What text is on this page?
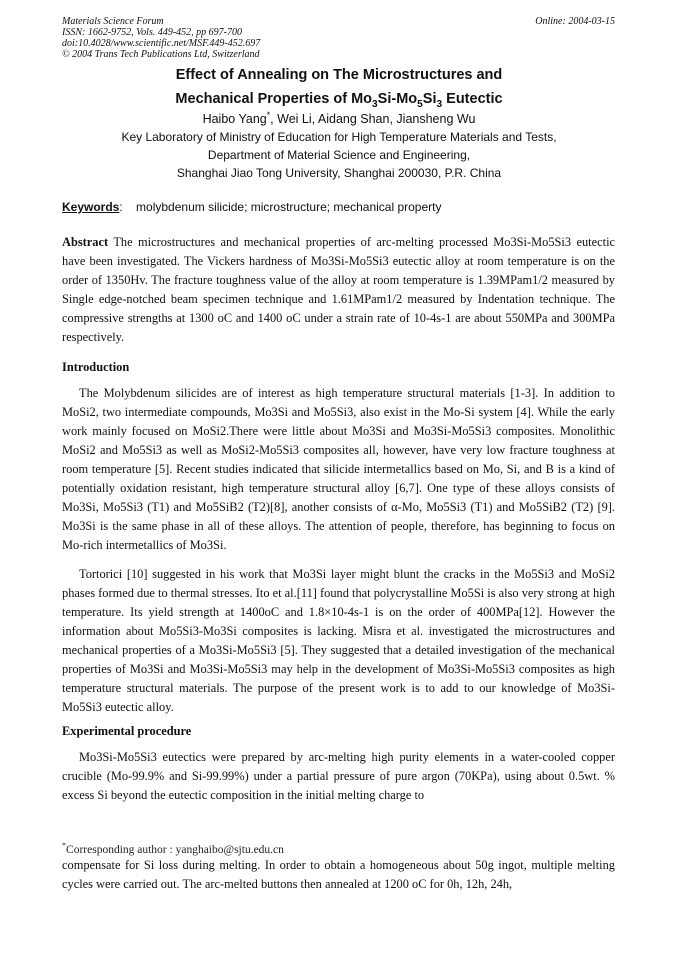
Materials Science Forum
ISSN: 1662-9752, Vols. 449-452, pp 697-700
doi:10.4028/www.scientific.net/MSF.449-452.697
© 2004 Trans Tech Publications Ltd, Switzerland
Online: 2004-03-15
Effect of Annealing on The Microstructures and
Mechanical Properties of $Mo_3Si-Mo_5Si_3$ Eutectic
Haibo Yang*, Wei Li, Aidang Shan, Jiansheng Wu
Key Laboratory of Ministry of Education for High Temperature Materials and Tests,
Department of Material Science and Engineering,
Shanghai Jiao Tong University, Shanghai 200030, P.R. China
Keywords:    molybdenum silicide; microstructure; mechanical property
Abstract The microstructures and mechanical properties of arc-melting processed Mo3Si-Mo5Si3 eutectic have been investigated. The Vickers hardness of Mo3Si-Mo5Si3 eutectic alloy at room temperature is on the order of 1350Hv. The fracture toughness value of the alloy at room temperature is 1.39MPam1/2 measured by Single edge-notched beam specimen technique and 1.61MPam1/2 measured by Indentation technique. The compressive strengths at 1300 oC and 1400 oC under a strain rate of 10-4s-1 are about 550MPa and 300MPa respectively.
Introduction
The Molybdenum silicides are of interest as high temperature structural materials [1-3]. In addition to MoSi2, two intermediate compounds, Mo3Si and Mo5Si3, also exist in the Mo-Si system [4]. While the early work mainly focused on MoSi2.There were little about Mo3Si and Mo3Si-Mo5Si3 composites. Monolithic MoSi2 and Mo5Si3 as well as MoSi2-Mo5Si3 composites all, however, have very low fracture toughness at room temperature [5]. Recent studies indicated that silicide intermetallics based on Mo, Si, and B is a kind of potentially oxidation resistant, high temperature structural alloy [6,7]. One type of these alloys consists of Mo3Si, Mo5Si3 (T1) and Mo5SiB2 (T2)[8], another consists of α-Mo, Mo5Si3 (T1) and Mo5SiB2 (T2) [9]. Mo3Si is the same phase in all of these alloys. The attention of people, therefore, has beginning to focus on Mo-rich intermetallics of Mo3Si.
Tortorici [10] suggested in his work that Mo3Si layer might blunt the cracks in the Mo5Si3 and MoSi2 phases formed due to thermal stresses. Ito et al.[11] found that polycrystalline Mo5Si is also very strong at high temperature. Its yield strength at 1400oC and 1.8×10-4s-1 is on the order of 400MPa[12]. However the information about Mo5Si3-Mo3Si composites is lacking. Misra et al. investigated the microstructures and mechanical properties of a Mo3Si-Mo5Si3 [5]. They suggested that a detailed investigation of the mechanical properties of Mo3Si and Mo3Si-Mo5Si3 may help in the development of Mo3Si-Mo5Si3 composites as high temperature structural materials. The purpose of the present work is to add to our knowledge of Mo3Si-Mo5Si3 eutectic alloy.
Experimental procedure
Mo3Si-Mo5Si3 eutectics were prepared by arc-melting high purity elements in a water-cooled copper crucible (Mo-99.9% and Si-99.99%) under a partial pressure of pure argon (70KPa), using about 0.5wt. % excess Si beyond the eutectic composition in the initial melting charge to
*Corresponding author : yanghaibo@sjtu.edu.cn
compensate for Si loss during melting. In order to obtain a homogeneous about 50g ingot, multiple melting cycles were carried out. The arc-melted buttons then annealed at 1200 oC for 0h, 12h, 24h,
